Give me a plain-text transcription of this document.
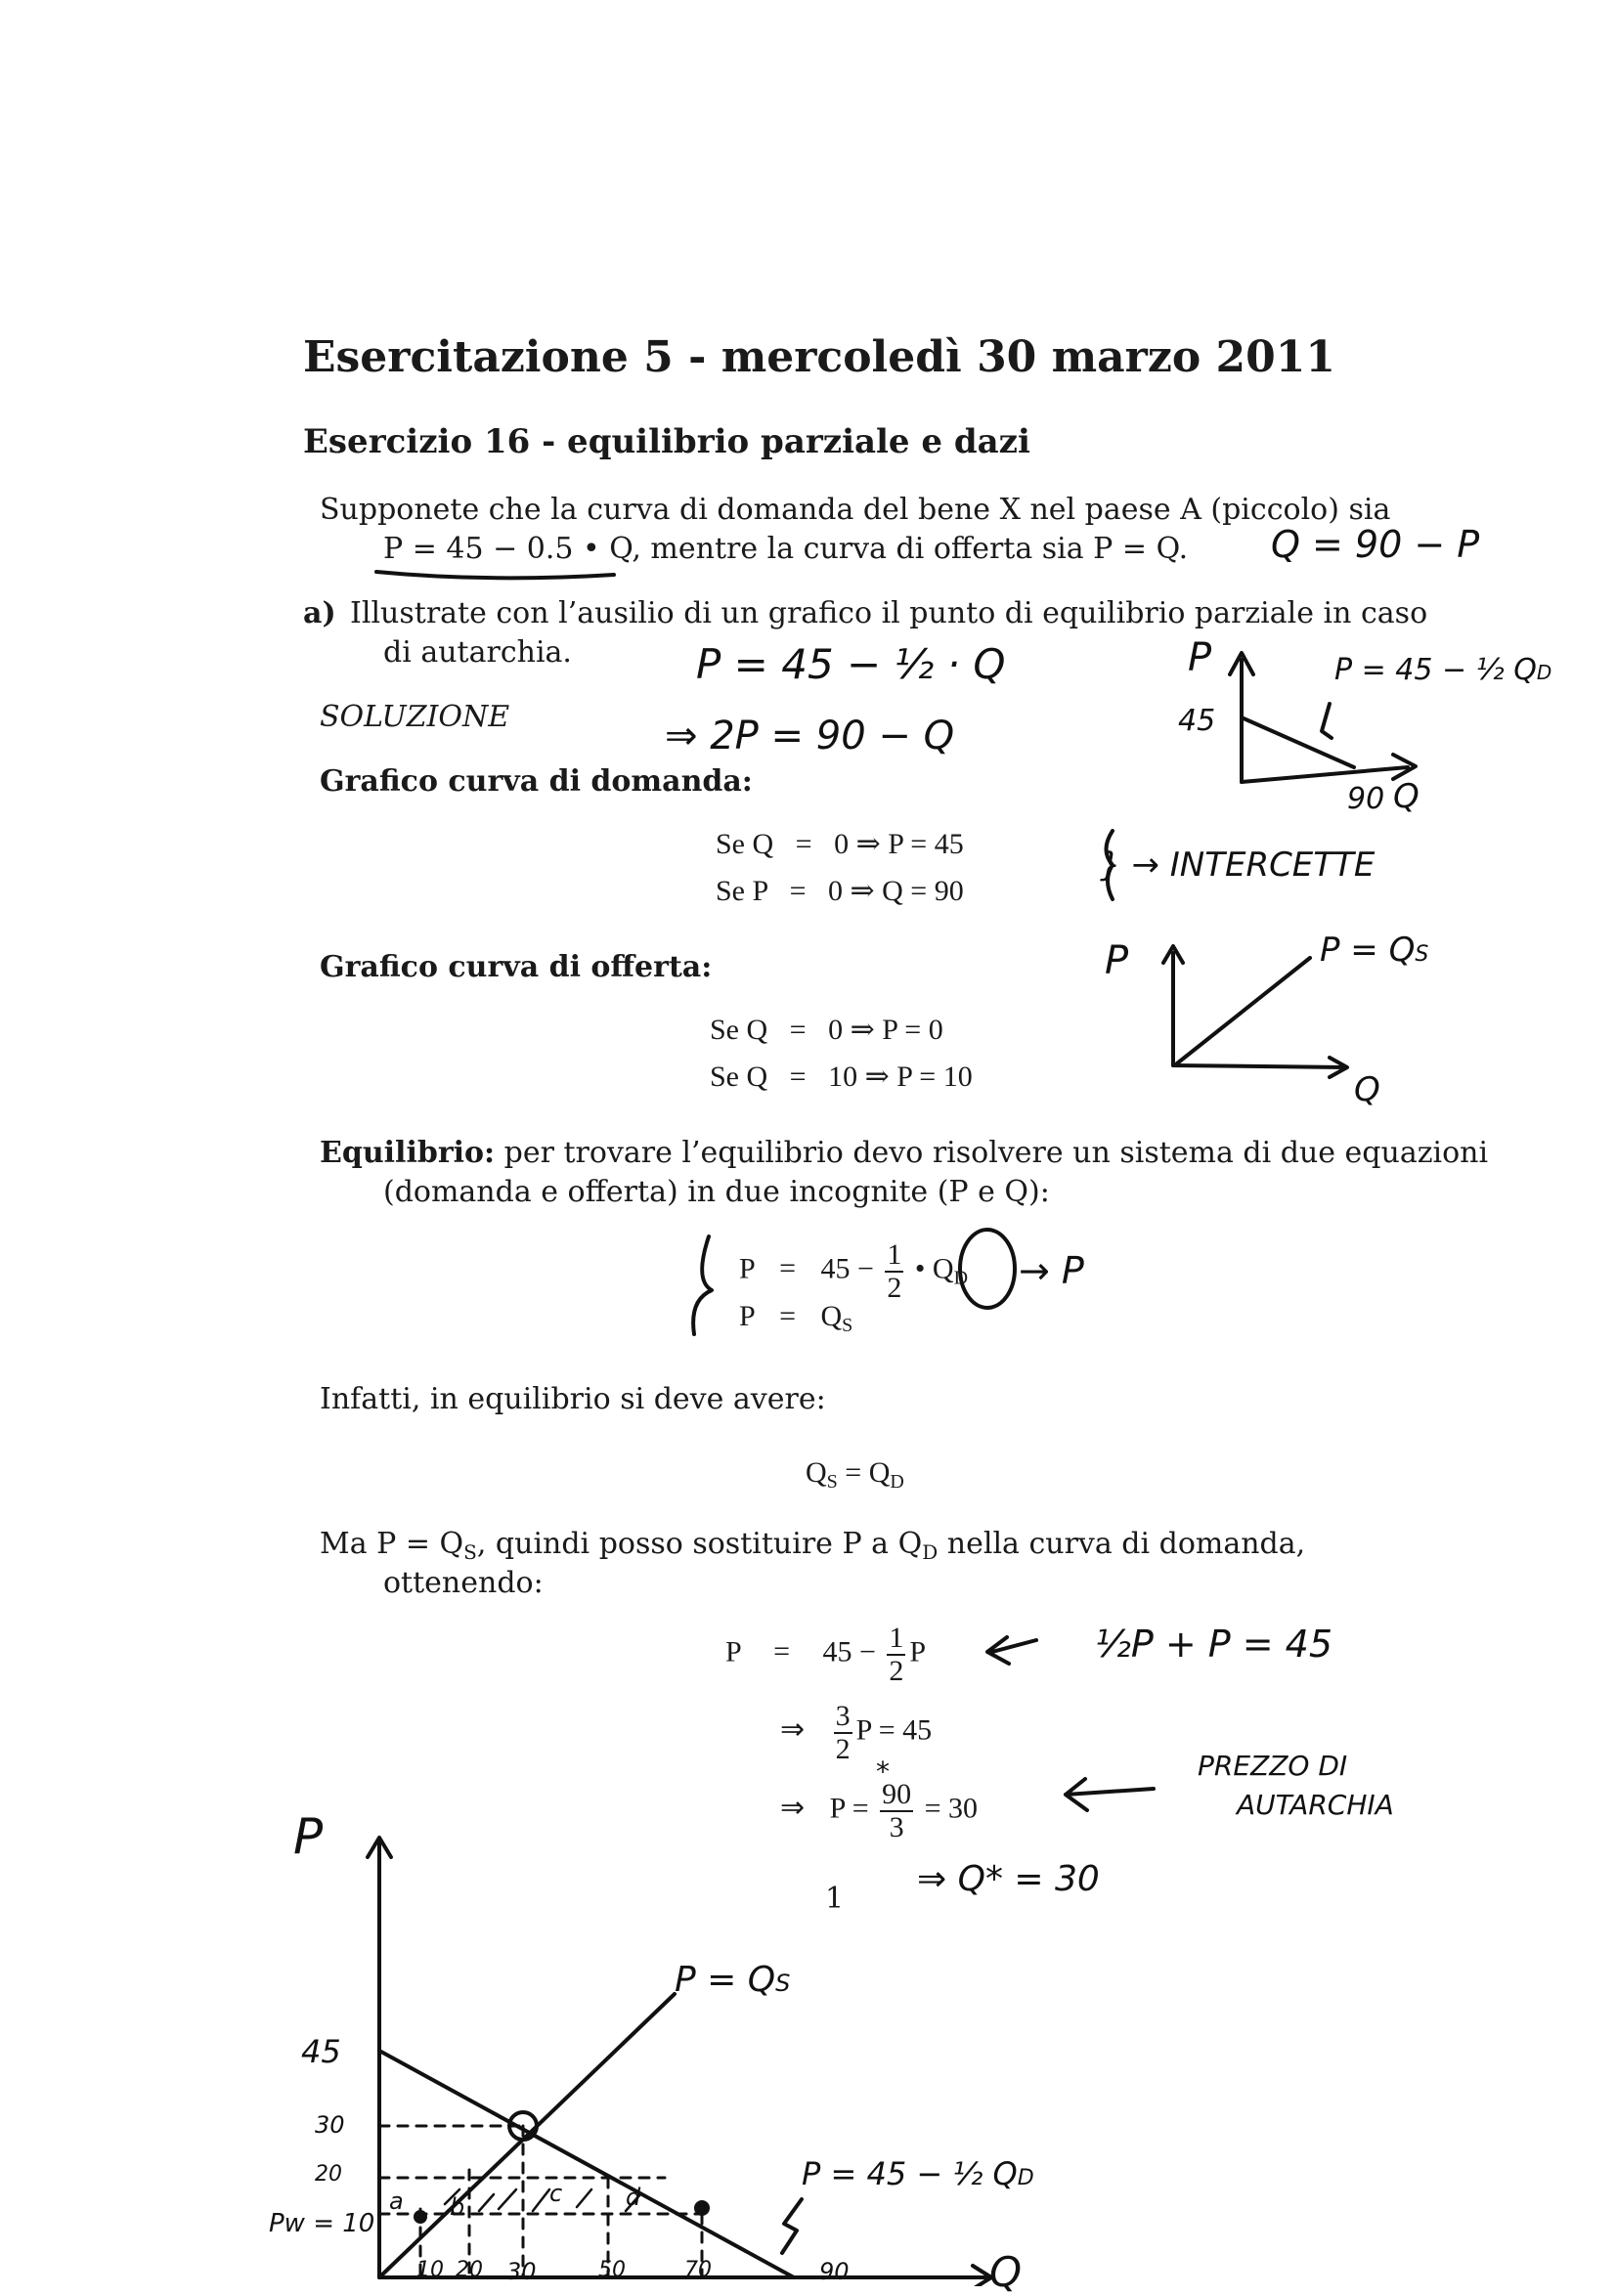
Esercitazione 5 - mercoledì 30 marzo 2011
Esercizio 16 - equilibrio parziale e dazi
Supponete che la curva di domanda del bene X nel paese A (piccolo) sia
P = 45 − 0.5 • Q, mentre la curva di offerta sia P = Q.
a) Illustrate con l’ausilio di un grafico il punto di equilibrio parziale in caso
di autarchia.
SOLUZIONE
Grafico curva di domanda:
Se Q   =   0 ⇒ P = 45
Se P   =   0 ⇒ Q = 90
Grafico curva di offerta:
Se Q   =   0 ⇒ P = 0
Se Q   =   10 ⇒ P = 10
Equilibrio: per trovare l’equilibrio devo risolvere un sistema di due equazioni
(domanda e offerta) in due incognite (P e Q):
$P = 45 - \frac{1}{2}$ • $Q_D$
$P = Q_S$
Infatti, in equilibrio si deve avere:
$Q_S = Q_D$
Ma $P = Q_S$, quindi posso sostituire P a $Q_D$ nella curva di domanda,
ottenendo:
$P = 45 - \frac{1}{2}$ P
⇒ $\frac{3}{2}$ P = 45
⇒ $P = \frac{90}{3} = 30$
1
Q = 90 − P
P = 45 − ½ · Q
⇒ 2P = 90 − Q
P
45
90 Q
P = 45 − ½ QD
} → INTERCETTE
P	P = QS
Q
→ P
½P + P = 45
PREZZO DI
AUTARCHIA
⇒ Q* = 30
*
P
Q
P = QS
P = 45 − ½ QD
Pw = 10
45
30
20
10 20 30	50	70	90
a b	c	d
